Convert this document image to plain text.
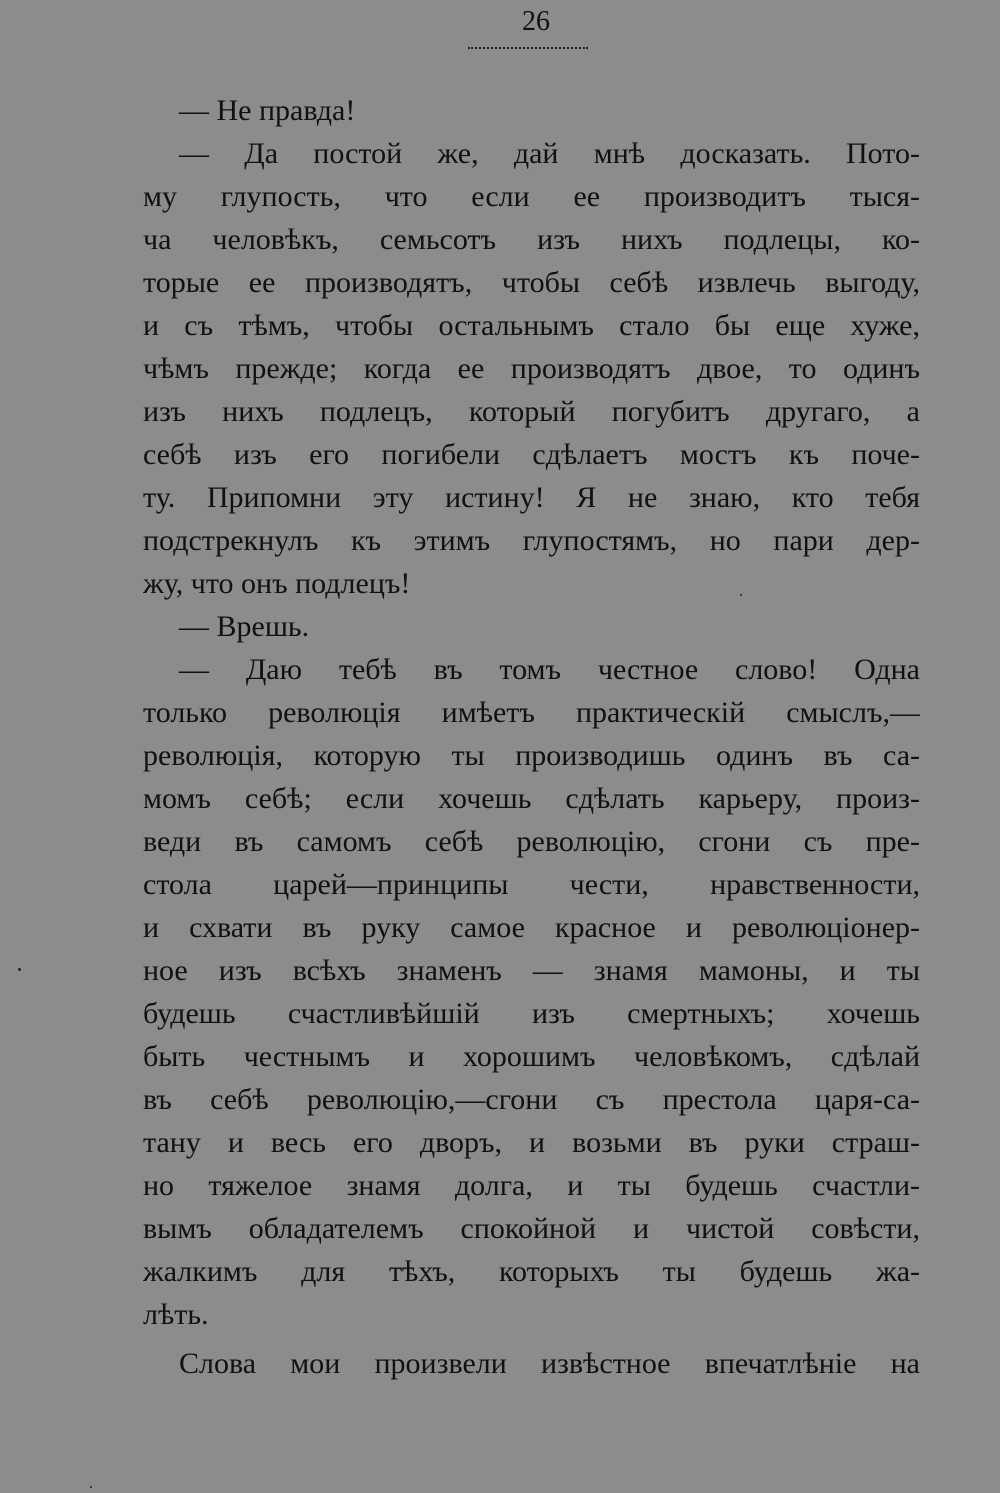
26
— Не правда!
— Да постой же, дай мнѣ досказать. Пото-
му глупость, что если ее производитъ тыся-
ча человѣкъ, семьсотъ изъ нихъ подлецы, ко-
торые ее производятъ, чтобы себѣ извлечь выгоду,
и съ тѣмъ, чтобы остальнымъ стало бы еще хуже,
чѣмъ прежде; когда ее производятъ двое, то одинъ
изъ нихъ подлецъ, который погубитъ другаго, а
себѣ изъ его погибели сдѣлаетъ мостъ къ поче-
ту. Припомни эту истину! Я не знаю, кто тебя
подстрекнулъ къ этимъ глупостямъ, но пари дер-
жу, что онъ подлецъ!
— Врешь.
— Даю тебѣ въ томъ честное слово! Одна
только революція имѣетъ практическій смыслъ,—
революція, которую ты производишь одинъ въ са-
момъ себѣ; если хочешь сдѣлать карьеру, произ-
веди въ самомъ себѣ революцію, сгони съ пре-
стола царей—принципы чести, нравственности,
и схвати въ руку самое красное и революціонер-
ное изъ всѣхъ знаменъ — знамя мамоны, и ты
будешь счастливѣйшій изъ смертныхъ; хочешь
быть честнымъ и хорошимъ человѣкомъ, сдѣлай
въ себѣ революцію,—сгони съ престола царя-са-
тану и весь его дворъ, и возьми въ руки страш-
но тяжелое знамя долга, и ты будешь счастли-
вымъ обладателемъ спокойной и чистой совѣсти,
жалкимъ для тѣхъ, которыхъ ты будешь жа-
лѣть.
Слова мои произвели извѣстное впечатлѣніе на
